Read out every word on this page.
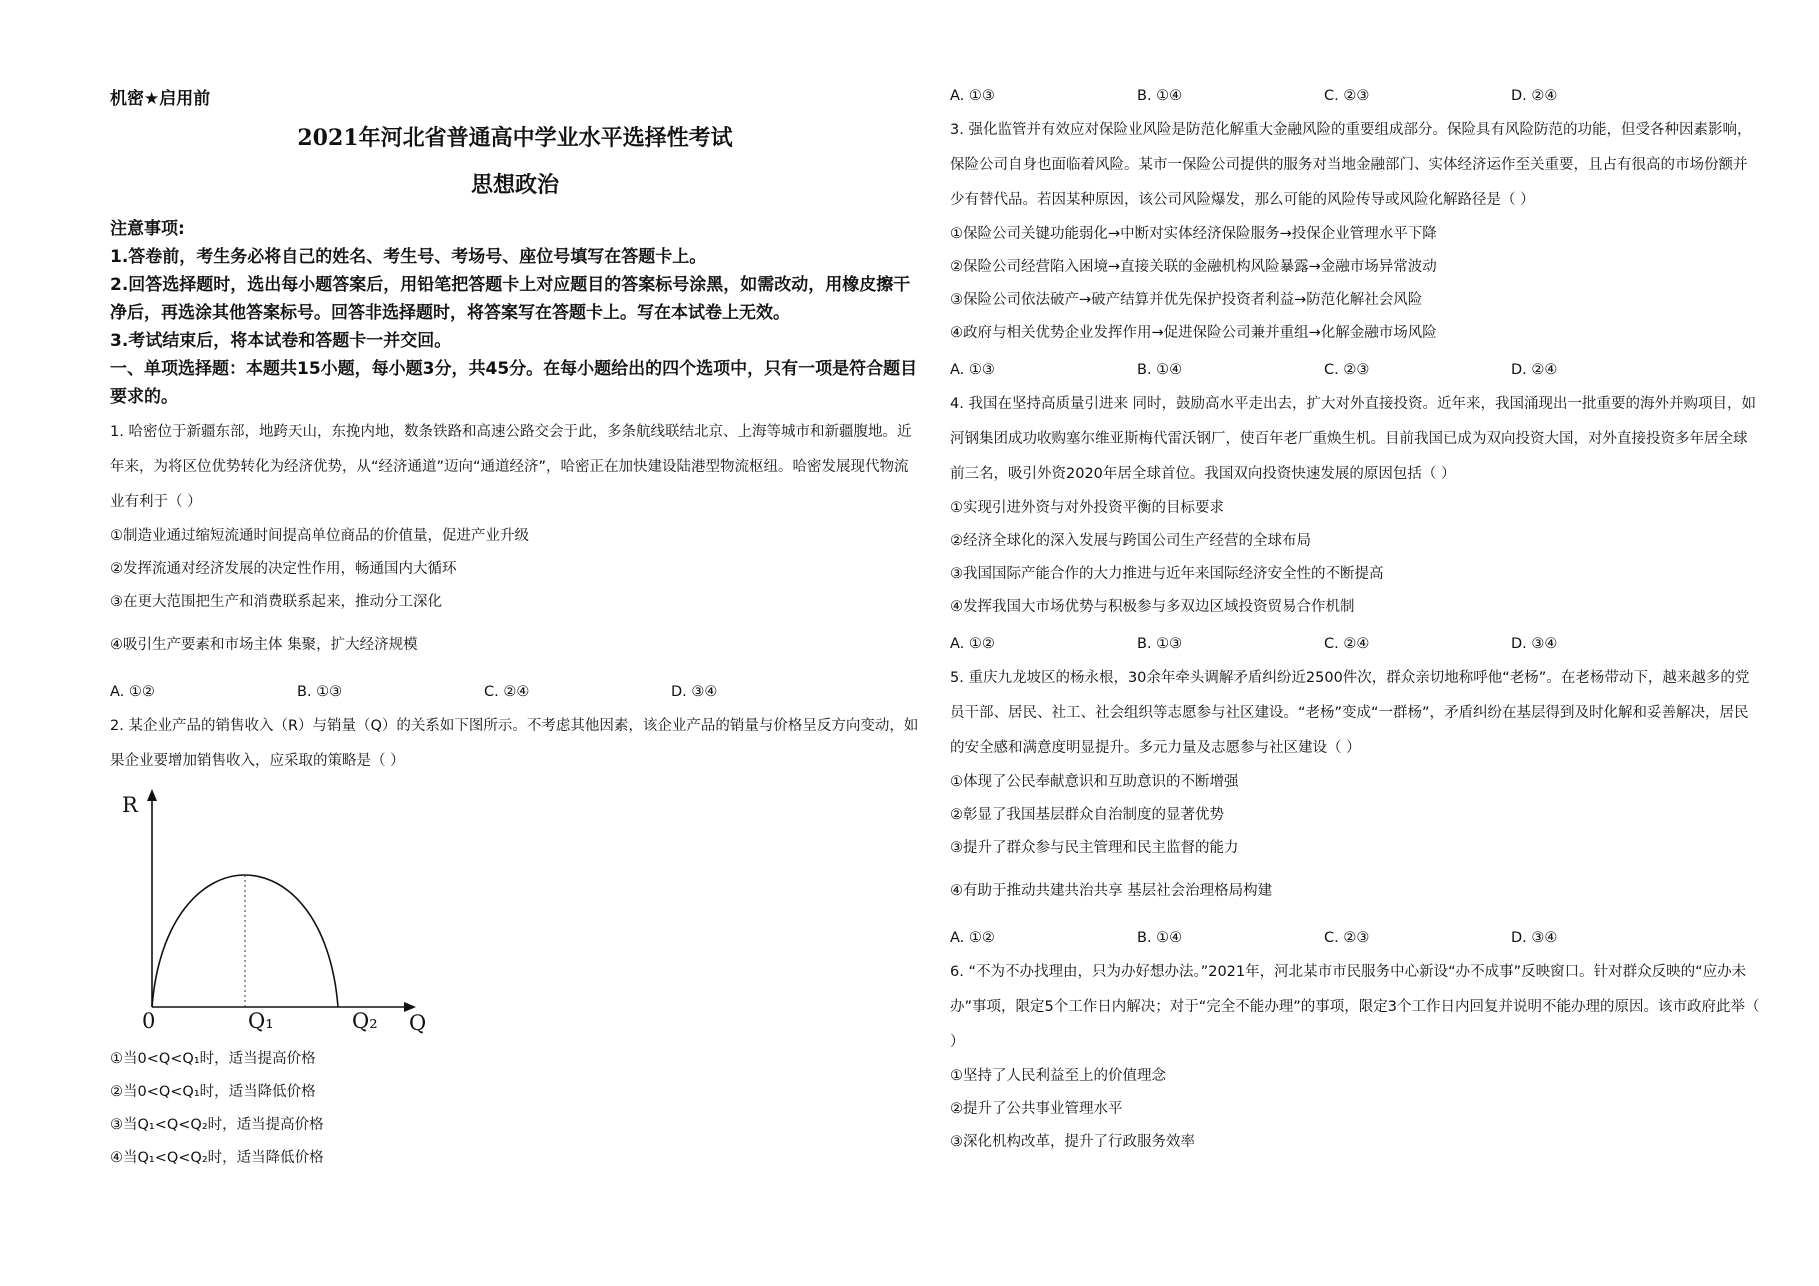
机密★启用前

2021年河北省普通高中学业水平选择性考试

思想政治

注意事项:

1.答卷前，考生务必将自己的姓名、考生号、考场号、座位号填写在答题卡上。

2.回答选择题时，选出每小题答案后，用铅笔把答题卡上对应题目的答案标号涂黑，如需改动，用橡皮擦干净后，再选涂其他答案标号。回答非选择题时，将答案写在答题卡上。写在本试卷上无效。

3.考试结束后，将本试卷和答题卡一并交回。

一、单项选择题：本题共15小题，每小题3分，共45分。在每小题给出的四个选项中，只有一项是符合题目要求的。

1. 哈密位于新疆东部，地跨天山，东挽内地，数条铁路和高速公路交会于此，多条航线联结北京、上海等城市和新疆腹地。近年来，为将区位优势转化为经济优势，从“经济通道”迈向“通道经济”，哈密正在加快建设陆港型物流枢纽。哈密发展现代物流业有利于（ ）

①制造业通过缩短流通时间提高单位商品的价值量，促进产业升级

②发挥流通对经济发展的决定性作用，畅通国内大循环

③在更大范围把生产和消费联系起来，推动分工深化

④吸引生产要素和市场主体 集聚，扩大经济规模

A. ①②	B. ①③	C. ②④	D. ③④

2. 某企业产品的销售收入（R）与销量（Q）的关系如下图所示。不考虑其他因素，该企业产品的销量与价格呈反方向变动，如果企业要增加销售收入，应采取的策略是（ ）

R
0	Q₁	Q₂ Q

①当0<Q<Q₁时，适当提高价格

②当0<Q<Q₁时，适当降低价格

③当Q₁<Q<Q₂时，适当提高价格

④当Q₁<Q<Q₂时，适当降低价格

A. ①③	B. ①④	C. ②③	D. ②④

3. 强化监管并有效应对保险业风险是防范化解重大金融风险的重要组成部分。保险具有风险防范的功能，但受各种因素影响，保险公司自身也面临着风险。某市一保险公司提供的服务对当地金融部门、实体经济运作至关重要，且占有很高的市场份额并少有替代品。若因某种原因，该公司风险爆发，那么可能的风险传导或风险化解路径是（ ）

①保险公司关键功能弱化→中断对实体经济保险服务→投保企业管理水平下降

②保险公司经营陷入困境→直接关联的金融机构风险暴露→金融市场异常波动

③保险公司依法破产→破产结算并优先保护投资者利益→防范化解社会风险

④政府与相关优势企业发挥作用→促进保险公司兼并重组→化解金融市场风险

A. ①③	B. ①④	C. ②③	D. ②④

4. 我国在坚持高质量引进来 同时，鼓励高水平走出去，扩大对外直接投资。近年来，我国涌现出一批重要的海外并购项目，如河钢集团成功收购塞尔维亚斯梅代雷沃钢厂，使百年老厂重焕生机。目前我国已成为双向投资大国，对外直接投资多年居全球前三名，吸引外资2020年居全球首位。我国双向投资快速发展的原因包括（ ）

①实现引进外资与对外投资平衡的目标要求

②经济全球化的深入发展与跨国公司生产经营的全球布局

③我国国际产能合作的大力推进与近年来国际经济安全性的不断提高

④发挥我国大市场优势与积极参与多双边区域投资贸易合作机制

A. ①②	B. ①③	C. ②④	D. ③④

5. 重庆九龙坡区的杨永根，30余年牵头调解矛盾纠纷近2500件次，群众亲切地称呼他“老杨”。在老杨带动下，越来越多的党员干部、居民、社工、社会组织等志愿参与社区建设。“老杨”变成“一群杨”，矛盾纠纷在基层得到及时化解和妥善解决，居民的安全感和满意度明显提升。多元力量及志愿参与社区建设（ ）

①体现了公民奉献意识和互助意识的不断增强

②彰显了我国基层群众自治制度的显著优势

③提升了群众参与民主管理和民主监督的能力

④有助于推动共建共治共享 基层社会治理格局构建

A. ①②	B. ①④	C. ②③	D. ③④

6. “不为不办找理由，只为办好想办法。”2021年，河北某市市民服务中心新设“办不成事”反映窗口。针对群众反映的“应办未办”事项，限定5个工作日内解决；对于“完全不能办理”的事项，限定3个工作日内回复并说明不能办理的原因。该市政府此举（ ）

①坚持了人民利益至上的价值理念

②提升了公共事业管理水平

③深化机构改革，提升了行政服务效率
